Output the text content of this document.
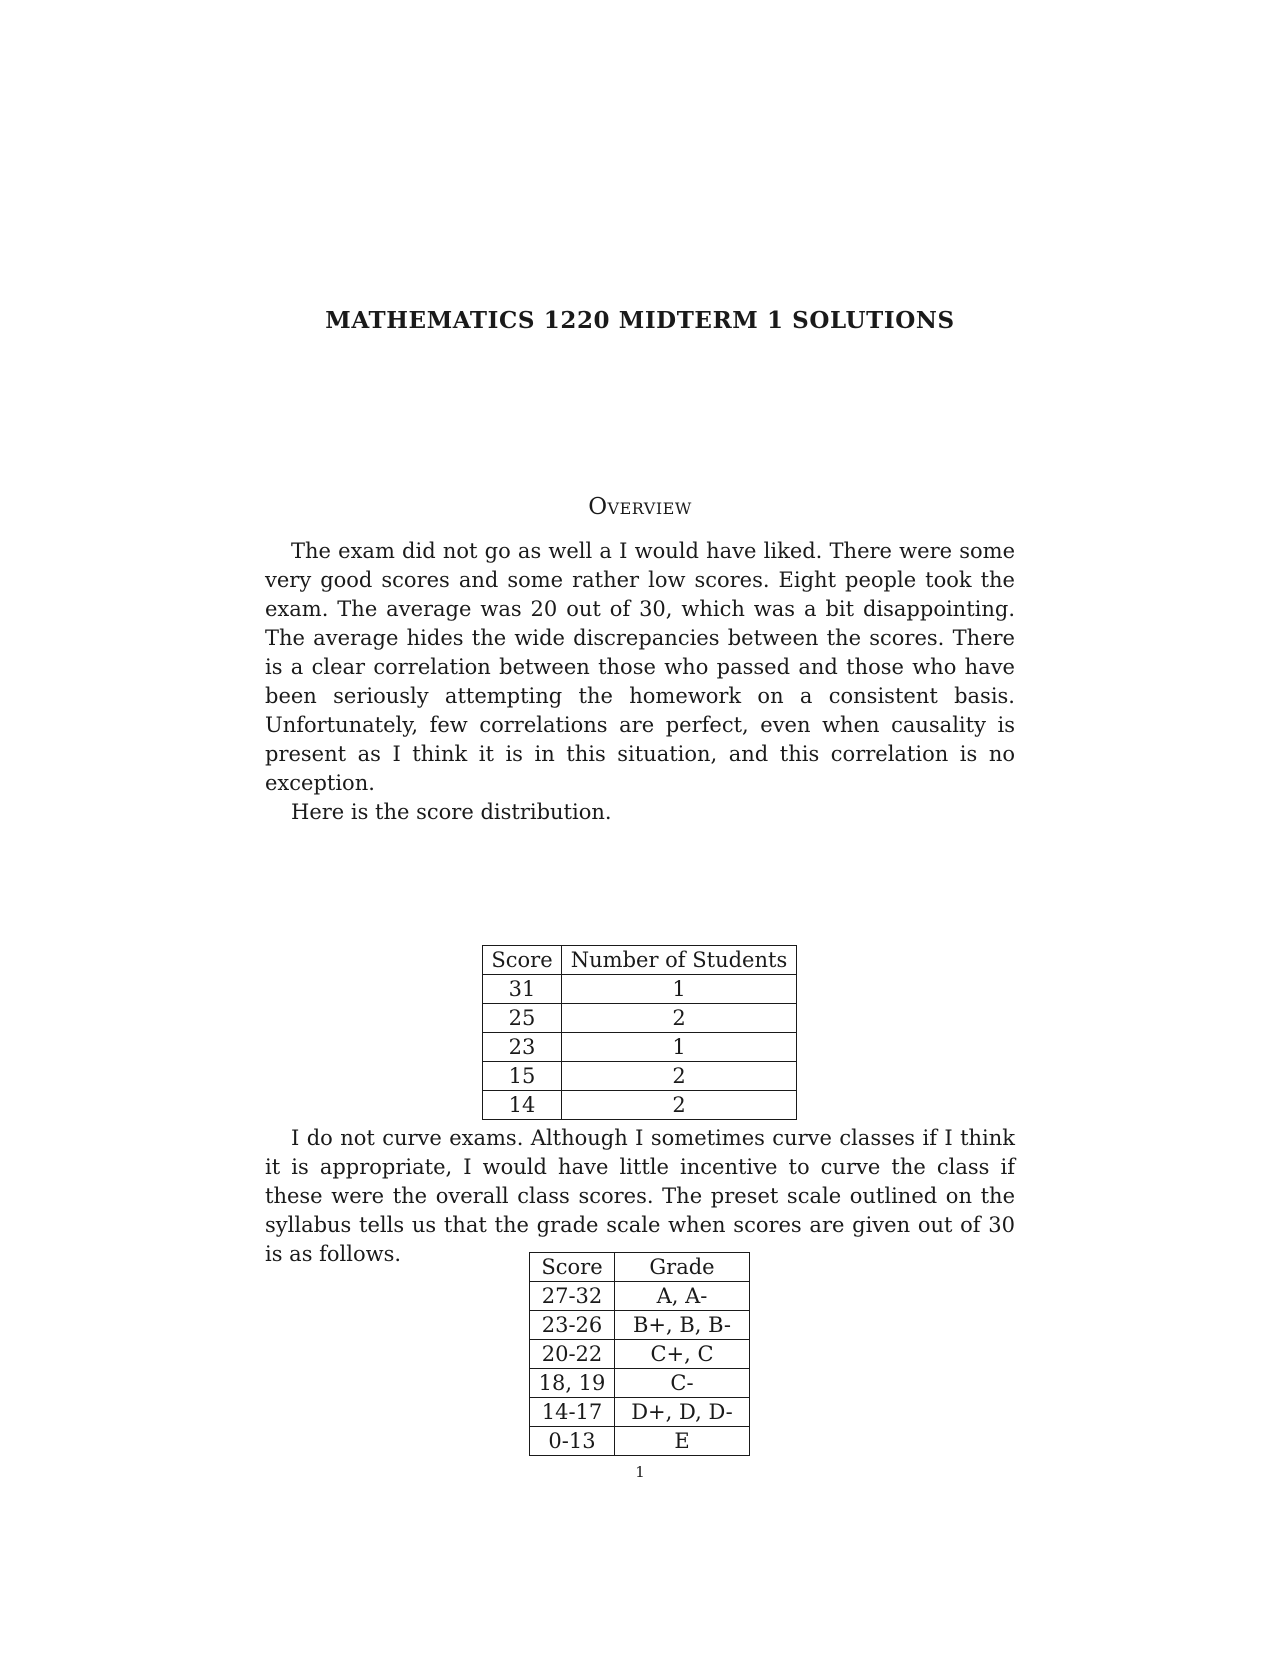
MATHEMATICS 1220 MIDTERM 1 SOLUTIONS
Overview

The exam did not go as well a I would have liked. There were some very good scores and some rather low scores. Eight people took the exam. The average was 20 out of 30, which was a bit disappointing. The average hides the wide discrepancies between the scores. There is a clear correlation between those who passed and those who have been seriously attempting the homework on a consistent basis. Unfortunately, few correlations are perfect, even when causality is present as I think it is in this situation, and this correlation is no exception.

Here is the score distribution.

Score	Number of Students
31	1
25	2
23	1
15	2
14	2

I do not curve exams. Although I sometimes curve classes if I think it is appropriate, I would have little incentive to curve the class if these were the overall class scores. The preset scale outlined on the syllabus tells us that the grade scale when scores are given out of 30 is as follows.

Score	Grade
27-32	A, A-
23-26	B+, B, B-
20-22	C+, C
18, 19	C-
14-17	D+, D, D-
0-13	E
1
